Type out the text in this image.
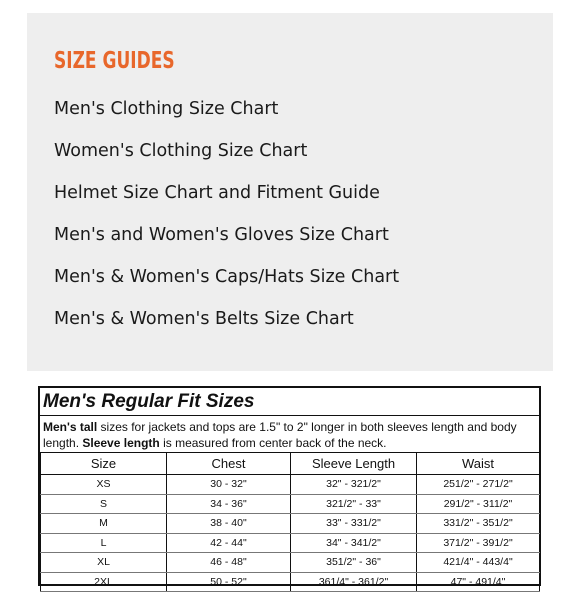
SIZE GUIDES
Men's Clothing Size Chart
Women's Clothing Size Chart
Helmet Size Chart and Fitment Guide
Men's and Women's Gloves Size Chart
Men's & Women's Caps/Hats Size Chart
Men's & Women's Belts Size Chart
Men's Regular Fit Sizes
Men's tall sizes for jackets and tops are 1.5" to 2" longer in both sleeves length and body length. Sleeve length is measured from center back of the neck.
Size	Chest	Sleeve Length	Waist
XS	30 - 32"	32" - 321/2"	251/2" - 271/2"
S	34 - 36"	321/2" - 33"	291/2" - 311/2"
M	38 - 40"	33" - 331/2"	331/2" - 351/2"
L	42 - 44"	34" - 341/2"	371/2" - 391/2"
XL	46 - 48"	351/2" - 36"	421/4" - 443/4"
2XL	50 - 52"	361/4" - 361/2"	47" - 491/4"
